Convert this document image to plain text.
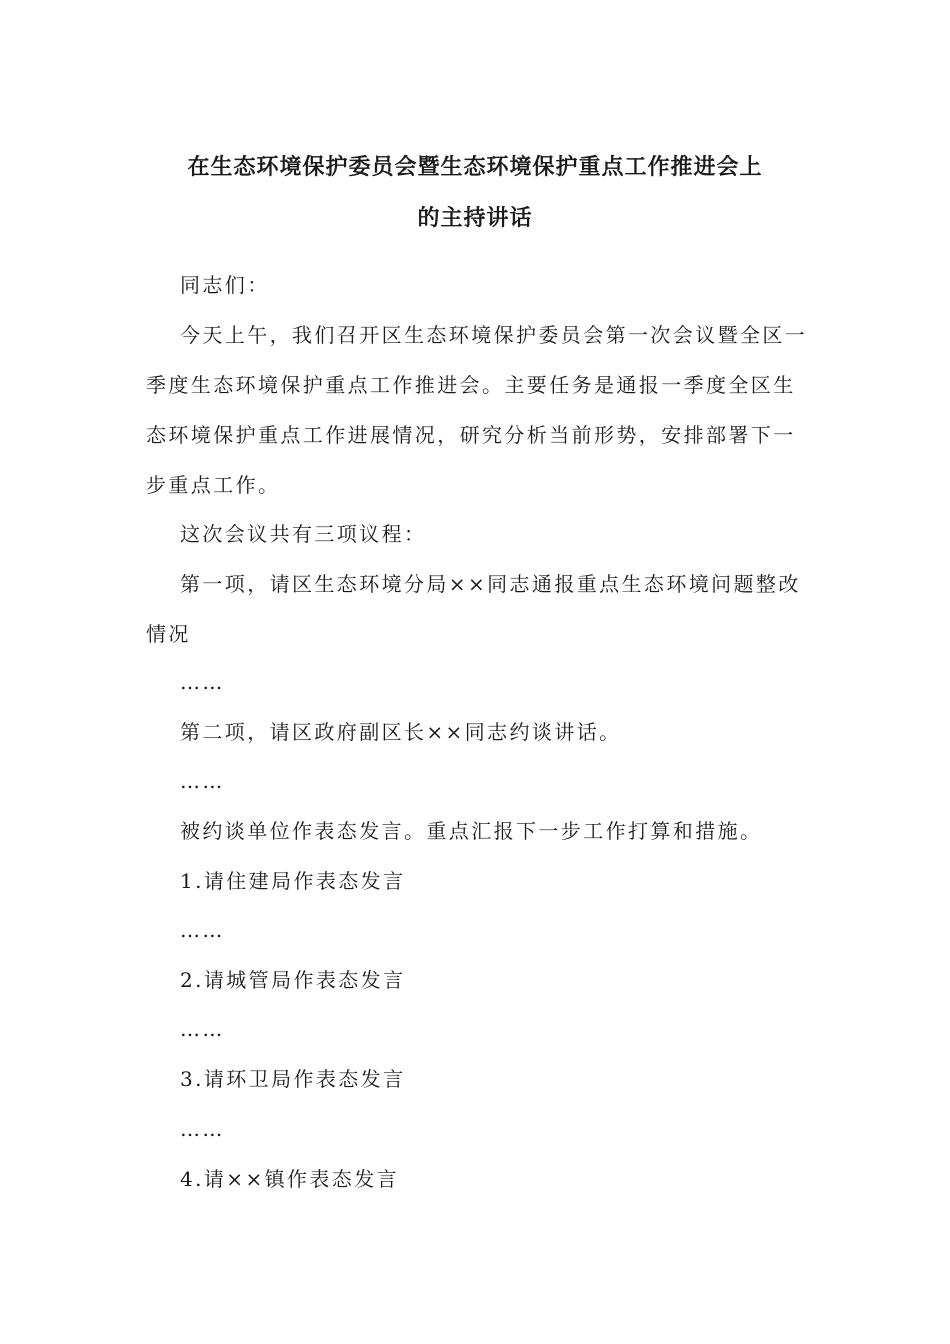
在生态环境保护委员会暨生态环境保护重点工作推进会上
的主持讲话
同志们：
今天上午，我们召开区生态环境保护委员会第一次会议暨全区一
季度生态环境保护重点工作推进会。主要任务是通报一季度全区生
态环境保护重点工作进展情况，研究分析当前形势，安排部署下一
步重点工作。
这次会议共有三项议程：
第一项，请区生态环境分局××同志通报重点生态环境问题整改
情况
……
第二项，请区政府副区长××同志约谈讲话。
……
被约谈单位作表态发言。重点汇报下一步工作打算和措施。
1.请住建局作表态发言
……
2.请城管局作表态发言
……
3.请环卫局作表态发言
……
4.请××镇作表态发言
